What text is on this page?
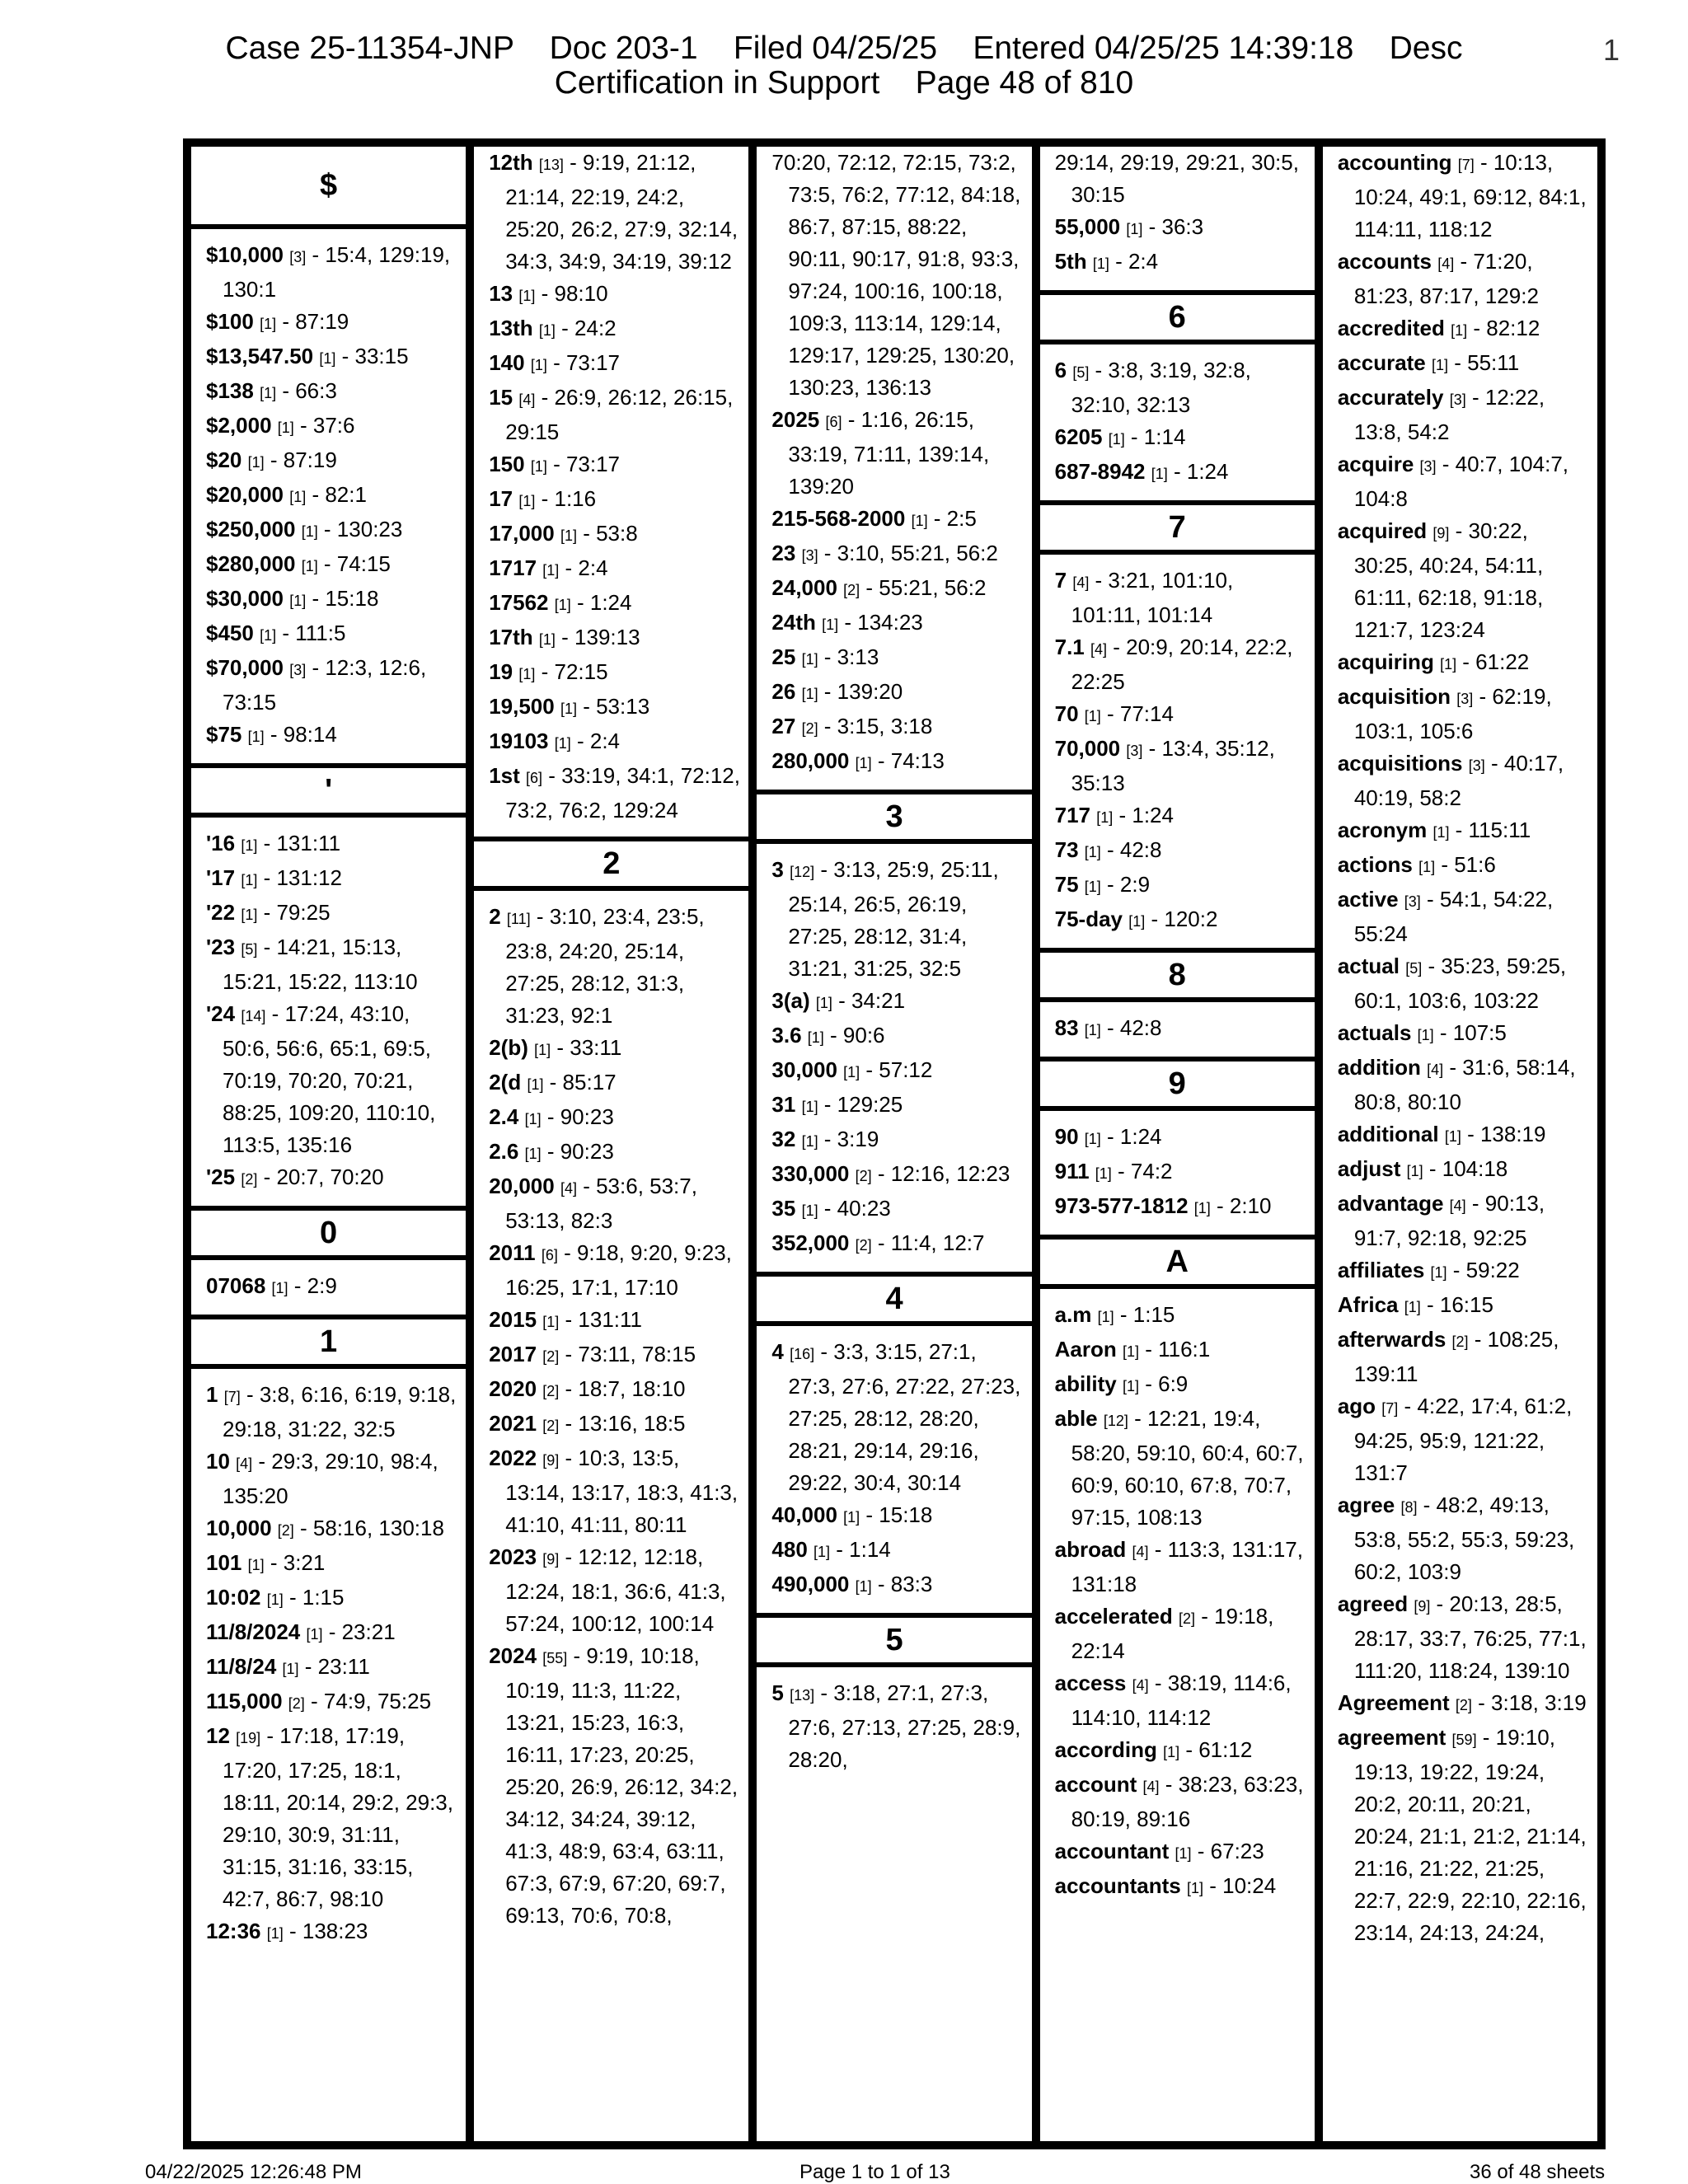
Case 25-11354-JNP    Doc 203-1    Filed 04/25/25    Entered 04/25/25 14:39:18    Desc
Certification in Support    Page 48 of 810
1
$
$10,000 [3] - 15:4, 129:19, 130:1
$100 [1] - 87:19
$13,547.50 [1] - 33:15
$138 [1] - 66:3
$2,000 [1] - 37:6
$20 [1] - 87:19
$20,000 [1] - 82:1
$250,000 [1] - 130:23
$280,000 [1] - 74:15
$30,000 [1] - 15:18
$450 [1] - 111:5
$70,000 [3] - 12:3, 12:6, 73:15
$75 [1] - 98:14
'
'16 [1] - 131:11
'17 [1] - 131:12
'22 [1] - 79:25
'23 [5] - 14:21, 15:13, 15:21, 15:22, 113:10
'24 [14] - 17:24, 43:10, 50:6, 56:6, 65:1, 69:5, 70:19, 70:20, 70:21, 88:25, 109:20, 110:10, 113:5, 135:16
'25 [2] - 20:7, 70:20
0
07068 [1] - 2:9
1
1 [7] - 3:8, 6:16, 6:19, 9:18, 29:18, 31:22, 32:5
10 [4] - 29:3, 29:10, 98:4, 135:20
10,000 [2] - 58:16, 130:18
101 [1] - 3:21
10:02 [1] - 1:15
11/8/2024 [1] - 23:21
11/8/24 [1] - 23:11
115,000 [2] - 74:9, 75:25
12 [19] - 17:18, 17:19, 17:20, 17:25, 18:1, 18:11, 20:14, 29:2, 29:3, 29:10, 30:9, 31:11, 31:15, 31:16, 33:15, 42:7, 86:7, 98:10
12:36 [1] - 138:23
12th [13] - 9:19, 21:12, 21:14, 22:19, 24:2, 25:20, 26:2, 27:9, 32:14, 34:3, 34:9, 34:19, 39:12
13 [1] - 98:10
13th [1] - 24:2
140 [1] - 73:17
15 [4] - 26:9, 26:12, 26:15, 29:15
150 [1] - 73:17
17 [1] - 1:16
17,000 [1] - 53:8
1717 [1] - 2:4
17562 [1] - 1:24
17th [1] - 139:13
19 [1] - 72:15
19,500 [1] - 53:13
19103 [1] - 2:4
1st [6] - 33:19, 34:1, 72:12, 73:2, 76:2, 129:24
2
2 [11] - 3:10, 23:4, 23:5, 23:8, 24:20, 25:14, 27:25, 28:12, 31:3, 31:23, 92:1
2(b) [1] - 33:11
2(d [1] - 85:17
2.4 [1] - 90:23
2.6 [1] - 90:23
20,000 [4] - 53:6, 53:7, 53:13, 82:3
2011 [6] - 9:18, 9:20, 9:23, 16:25, 17:1, 17:10
2015 [1] - 131:11
2017 [2] - 73:11, 78:15
2020 [2] - 18:7, 18:10
2021 [2] - 13:16, 18:5
2022 [9] - 10:3, 13:5, 13:14, 13:17, 18:3, 41:3, 41:10, 41:11, 80:11
2023 [9] - 12:12, 12:18, 12:24, 18:1, 36:6, 41:3, 57:24, 100:12, 100:14
2024 [55] - 9:19, 10:18, 10:19, 11:3, 11:22, 13:21, 15:23, 16:3, 16:11, 17:23, 20:25, 25:20, 26:9, 26:12, 34:2, 34:12, 34:24, 39:12, 41:3, 48:9, 63:4, 63:11, 67:3, 67:9, 67:20, 69:7, 69:13, 70:6, 70:8,
70:20, 72:12, 72:15, 73:2, 73:5, 76:2, 77:12, 84:18, 86:7, 87:15, 88:22, 90:11, 90:17, 91:8, 93:3, 97:24, 100:16, 100:18, 109:3, 113:14, 129:14, 129:17, 129:25, 130:20, 130:23, 136:13
2025 [6] - 1:16, 26:15, 33:19, 71:11, 139:14, 139:20
215-568-2000 [1] - 2:5
23 [3] - 3:10, 55:21, 56:2
24,000 [2] - 55:21, 56:2
24th [1] - 134:23
25 [1] - 3:13
26 [1] - 139:20
27 [2] - 3:15, 3:18
280,000 [1] - 74:13
3
3 [12] - 3:13, 25:9, 25:11, 25:14, 26:5, 26:19, 27:25, 28:12, 31:4, 31:21, 31:25, 32:5
3(a) [1] - 34:21
3.6 [1] - 90:6
30,000 [1] - 57:12
31 [1] - 129:25
32 [1] - 3:19
330,000 [2] - 12:16, 12:23
35 [1] - 40:23
352,000 [2] - 11:4, 12:7
4
4 [16] - 3:3, 3:15, 27:1, 27:3, 27:6, 27:22, 27:23, 27:25, 28:12, 28:20, 28:21, 29:14, 29:16, 29:22, 30:4, 30:14
40,000 [1] - 15:18
480 [1] - 1:14
490,000 [1] - 83:3
5
5 [13] - 3:18, 27:1, 27:3, 27:6, 27:13, 27:25, 28:9, 28:20,
29:14, 29:19, 29:21, 30:5, 30:15
55,000 [1] - 36:3
5th [1] - 2:4
6
6 [5] - 3:8, 3:19, 32:8, 32:10, 32:13
6205 [1] - 1:14
687-8942 [1] - 1:24
7
7 [4] - 3:21, 101:10, 101:11, 101:14
7.1 [4] - 20:9, 20:14, 22:2, 22:25
70 [1] - 77:14
70,000 [3] - 13:4, 35:12, 35:13
717 [1] - 1:24
73 [1] - 42:8
75 [1] - 2:9
75-day [1] - 120:2
8
83 [1] - 42:8
9
90 [1] - 1:24
911 [1] - 74:2
973-577-1812 [1] - 2:10
A
a.m [1] - 1:15
Aaron [1] - 116:1
ability [1] - 6:9
able [12] - 12:21, 19:4, 58:20, 59:10, 60:4, 60:7, 60:9, 60:10, 67:8, 70:7, 97:15, 108:13
abroad [4] - 113:3, 131:17, 131:18
accelerated [2] - 19:18, 22:14
access [4] - 38:19, 114:6, 114:10, 114:12
according [1] - 61:12
account [4] - 38:23, 63:23, 80:19, 89:16
accountant [1] - 67:23
accountants [1] - 10:24
accounting [7] - 10:13, 10:24, 49:1, 69:12, 84:1, 114:11, 118:12
accounts [4] - 71:20, 81:23, 87:17, 129:2
accredited [1] - 82:12
accurate [1] - 55:11
accurately [3] - 12:22, 13:8, 54:2
acquire [3] - 40:7, 104:7, 104:8
acquired [9] - 30:22, 30:25, 40:24, 54:11, 61:11, 62:18, 91:18, 121:7, 123:24
acquiring [1] - 61:22
acquisition [3] - 62:19, 103:1, 105:6
acquisitions [3] - 40:17, 40:19, 58:2
acronym [1] - 115:11
actions [1] - 51:6
active [3] - 54:1, 54:22, 55:24
actual [5] - 35:23, 59:25, 60:1, 103:6, 103:22
actuals [1] - 107:5
addition [4] - 31:6, 58:14, 80:8, 80:10
additional [1] - 138:19
adjust [1] - 104:18
advantage [4] - 90:13, 91:7, 92:18, 92:25
affiliates [1] - 59:22
Africa [1] - 16:15
afterwards [2] - 108:25, 139:11
ago [7] - 4:22, 17:4, 61:2, 94:25, 95:9, 121:22, 131:7
agree [8] - 48:2, 49:13, 53:8, 55:2, 55:3, 59:23, 60:2, 103:9
agreed [9] - 20:13, 28:5, 28:17, 33:7, 76:25, 77:1, 111:20, 118:24, 139:10
Agreement [2] - 3:18, 3:19
agreement [59] - 19:10, 19:13, 19:22, 19:24, 20:2, 20:11, 20:21, 20:24, 21:1, 21:2, 21:14, 21:16, 21:22, 21:25, 22:7, 22:9, 22:10, 22:16, 23:14, 24:13, 24:24,
04/22/2025 12:26:48 PM	Page 1 to 1 of 13	36 of 48 sheets
